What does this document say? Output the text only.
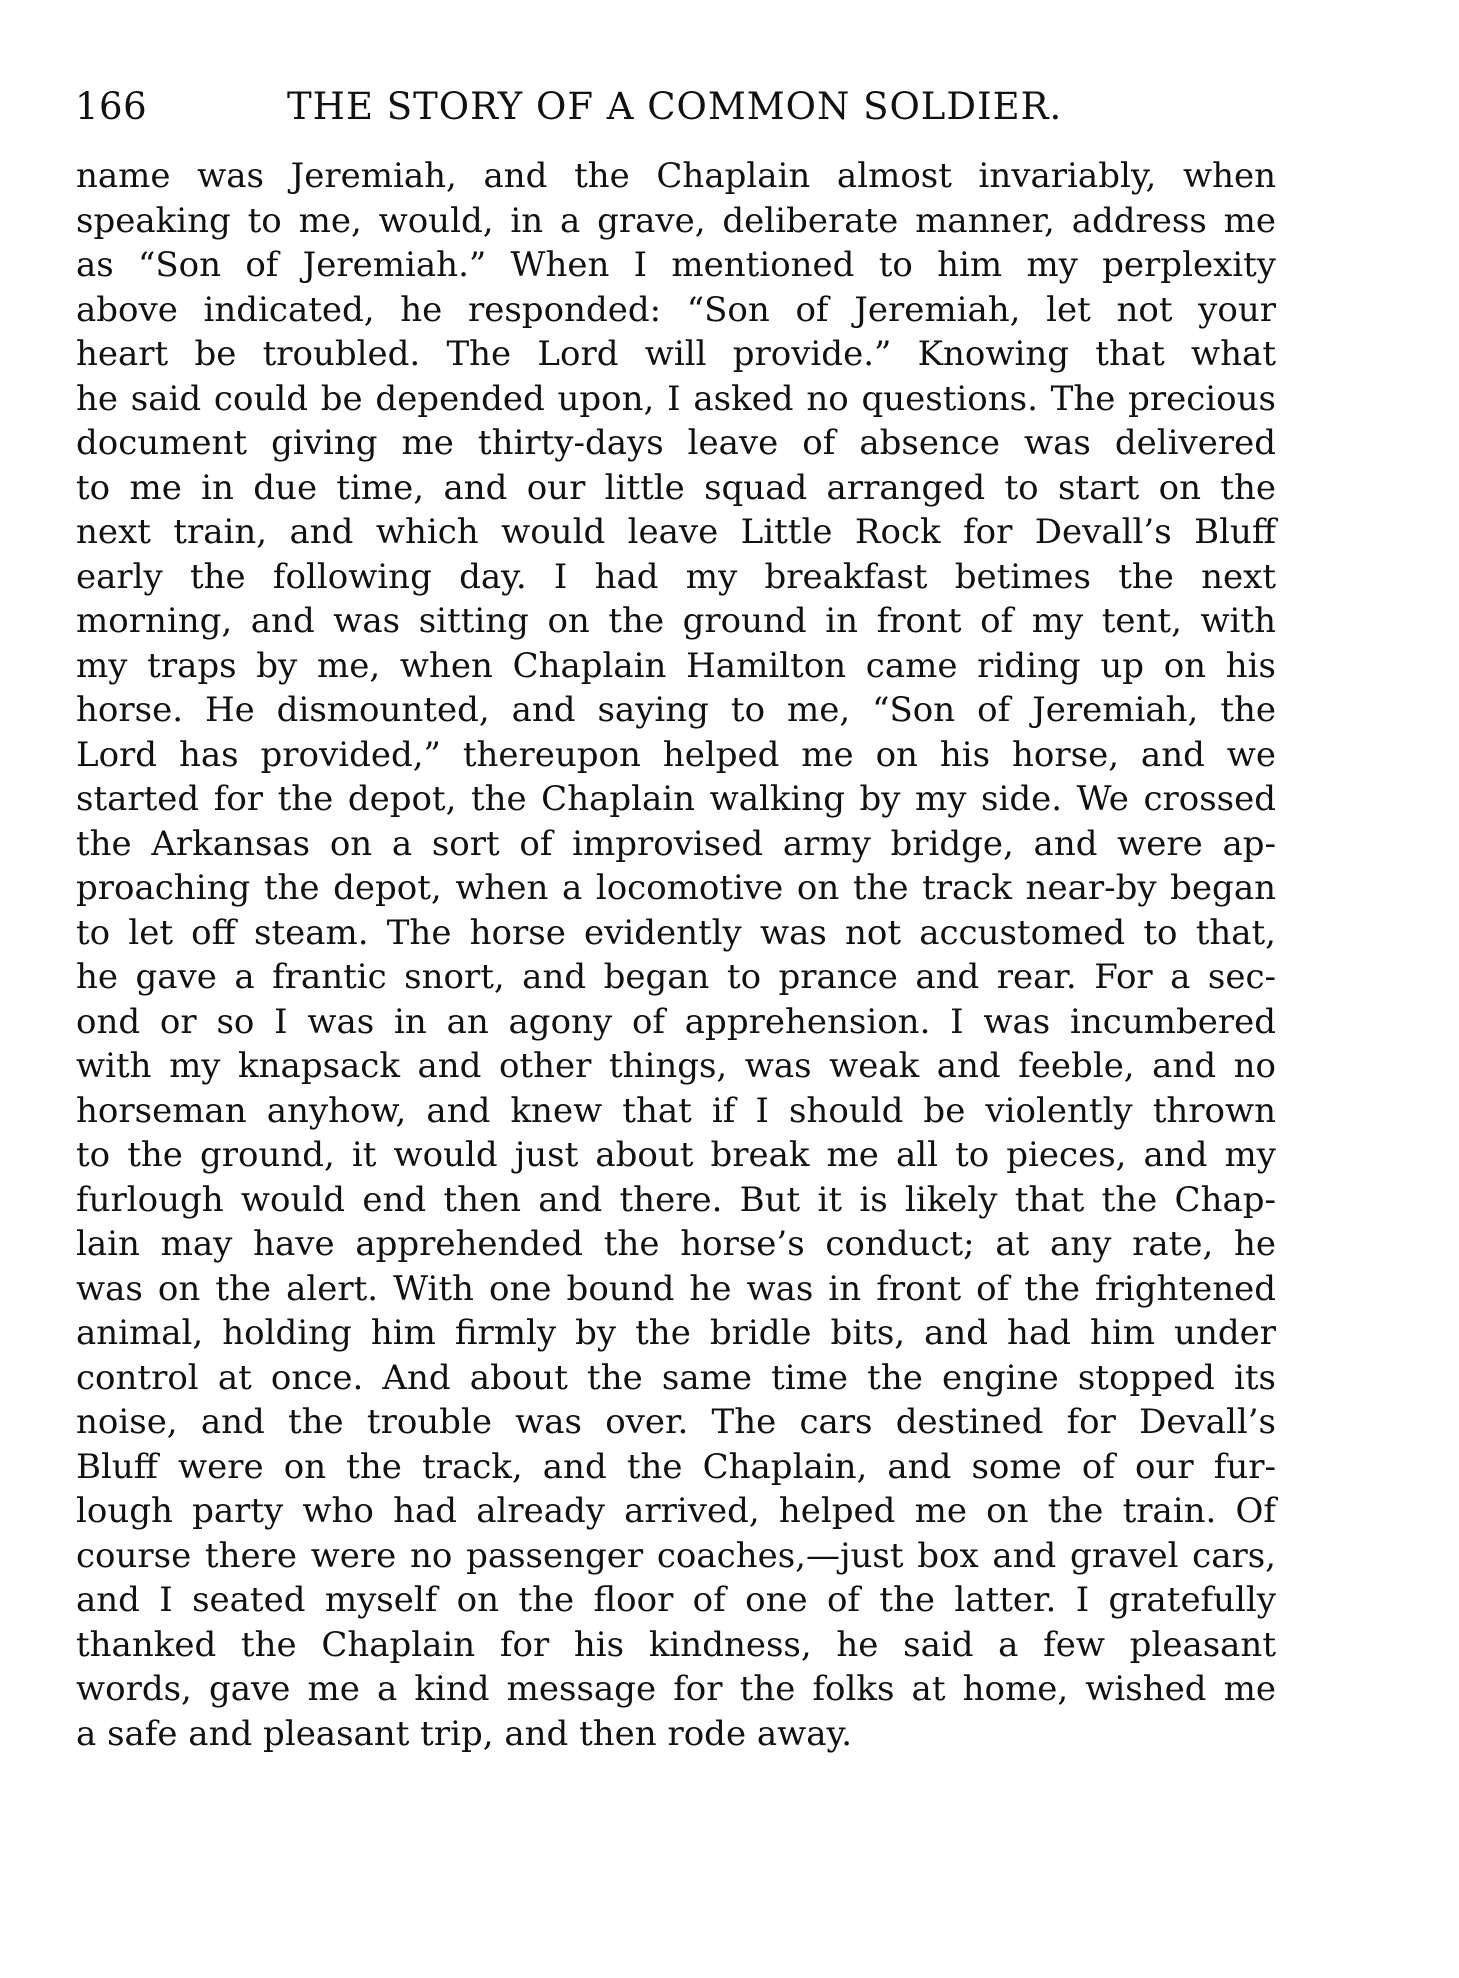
166	THE STORY OF A COMMON SOLDIER.
name was Jeremiah, and the Chaplain almost invariably, when
speaking to me, would, in a grave, deliberate manner, address me
as “Son of Jeremiah.” When I mentioned to him my perplexity
above indicated, he responded: “Son of Jeremiah, let not your
heart be troubled. The Lord will provide.” Knowing that what
he said could be depended upon, I asked no questions. The precious
document giving me thirty-days leave of absence was delivered
to me in due time, and our little squad arranged to start on the
next train, and which would leave Little Rock for Devall’s Bluff
early the following day. I had my breakfast betimes the next
morning, and was sitting on the ground in front of my tent, with
my traps by me, when Chaplain Hamilton came riding up on his
horse. He dismounted, and saying to me, “Son of Jeremiah, the
Lord has provided,” thereupon helped me on his horse, and we
started for the depot, the Chaplain walking by my side. We crossed
the Arkansas on a sort of improvised army bridge, and were ap-
proaching the depot, when a locomotive on the track near-by began
to let off steam. The horse evidently was not accustomed to that,
he gave a frantic snort, and began to prance and rear. For a sec-
ond or so I was in an agony of apprehension. I was incumbered
with my knapsack and other things, was weak and feeble, and no
horseman anyhow, and knew that if I should be violently thrown
to the ground, it would just about break me all to pieces, and my
furlough would end then and there. But it is likely that the Chap-
lain may have apprehended the horse’s conduct; at any rate, he
was on the alert. With one bound he was in front of the frightened
animal, holding him firmly by the bridle bits, and had him under
control at once. And about the same time the engine stopped its
noise, and the trouble was over. The cars destined for Devall’s
Bluff were on the track, and the Chaplain, and some of our fur-
lough party who had already arrived, helped me on the train. Of
course there were no passenger coaches,—just box and gravel cars,
and I seated myself on the floor of one of the latter. I gratefully
thanked the Chaplain for his kindness, he said a few pleasant
words, gave me a kind message for the folks at home, wished me
a safe and pleasant trip, and then rode away.
